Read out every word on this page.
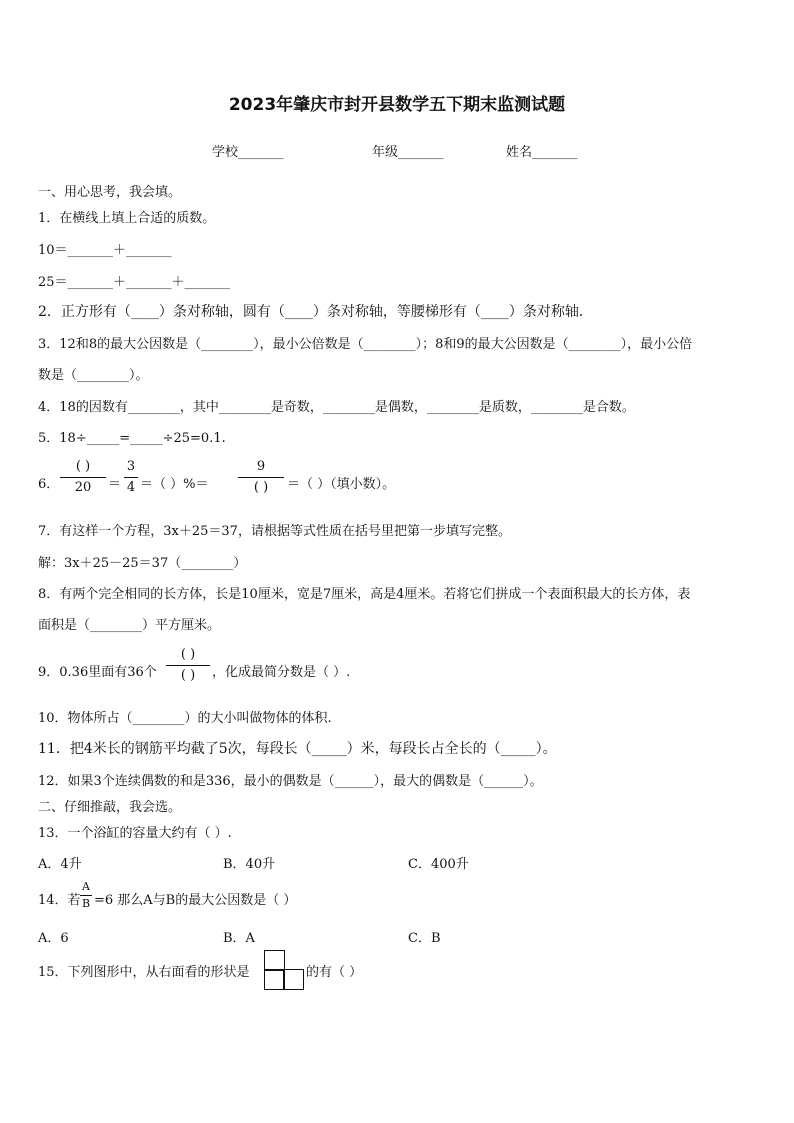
2023年肇庆市封开县数学五下期末监测试题
学校_______	年级_______	姓名_______
一、用心思考，我会填。
1．在横线上填上合适的质数。
10＝_______＋_______
25＝_______＋_______＋_______
2．正方形有（____）条对称轴，圆有（____）条对称轴，等腰梯形有（____）条对称轴．
3．12和8的最大公因数是（________），最小公倍数是（________）；8和9的最大公因数是（________），最小公倍
数是（________）。
4．18的因数有________，其中________是奇数，________是偶数，________是质数，________是合数。
5．18÷_____=_____÷25=0.1.
6．
( )
20	＝
3
4 ＝（ ）%＝
9
( )	＝（ ）（填小数）。
7．有这样一个方程，3x＋25＝37，请根据等式性质在括号里把第一步填写完整。
解：3x＋25－25＝37（________）
8．有两个完全相同的长方体，长是10厘米，宽是7厘米，高是4厘米。若将它们拼成一个表面积最大的长方体，表
面积是（________）平方厘米。
9．0.36里面有36个
( )
( )	，化成最简分数是（ ）.
10．物体所占（________）的大小叫做物体的体积.
11．把4米长的钢筋平均截了5次，每段长（_____）米，每段长占全长的（_____）。
12．如果3个连续偶数的和是336，最小的偶数是（______），最大的偶数是（______）。
二、仔细推敲，我会选。
13．一个浴缸的容量大约有（ ）.
A．4升	B．40升	C．400升
14．若
A
B =6 那么A与B的最大公因数是（ ）
A．6	B．A	C．B
15．下列图形中，从右面看的形状是	的有（ ）
